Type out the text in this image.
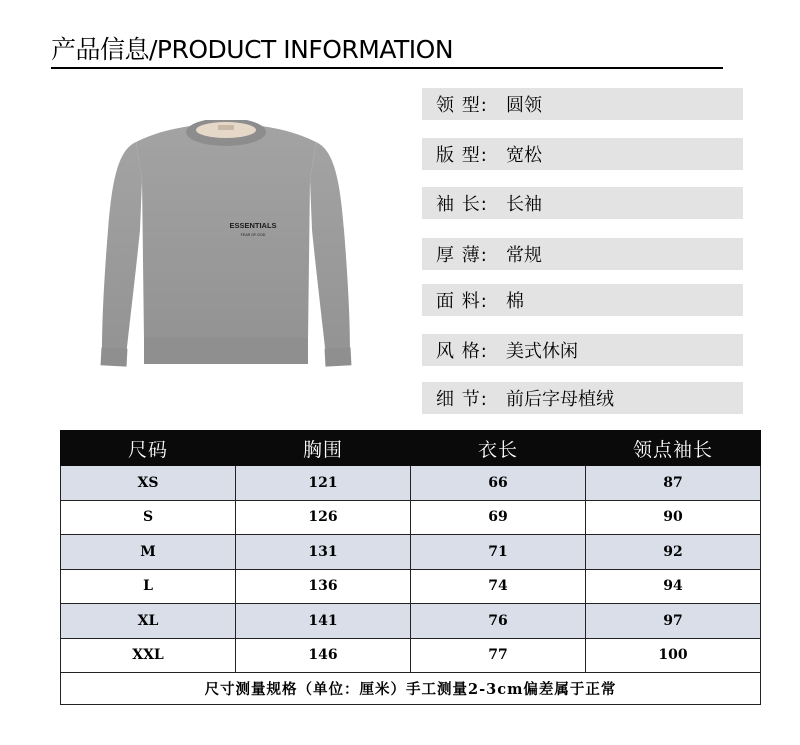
产品信息/PRODUCT INFORMATION
ESSENTIALS
FEAR OF GOD
领 型:	圆领
版 型:	宽松
袖 长:	长袖
厚 薄:	常规
面 料:	棉
风 格:	美式休闲
细 节:	前后字母植绒
尺码	胸围	衣长	领点袖长
XS	121	66	87
S	126	69	90
M	131	71	92
L	136	74	94
XL	141	76	97
XXL	146	77	100
尺寸测量规格（单位：厘米）手工测量2-3cm偏差属于正常			
